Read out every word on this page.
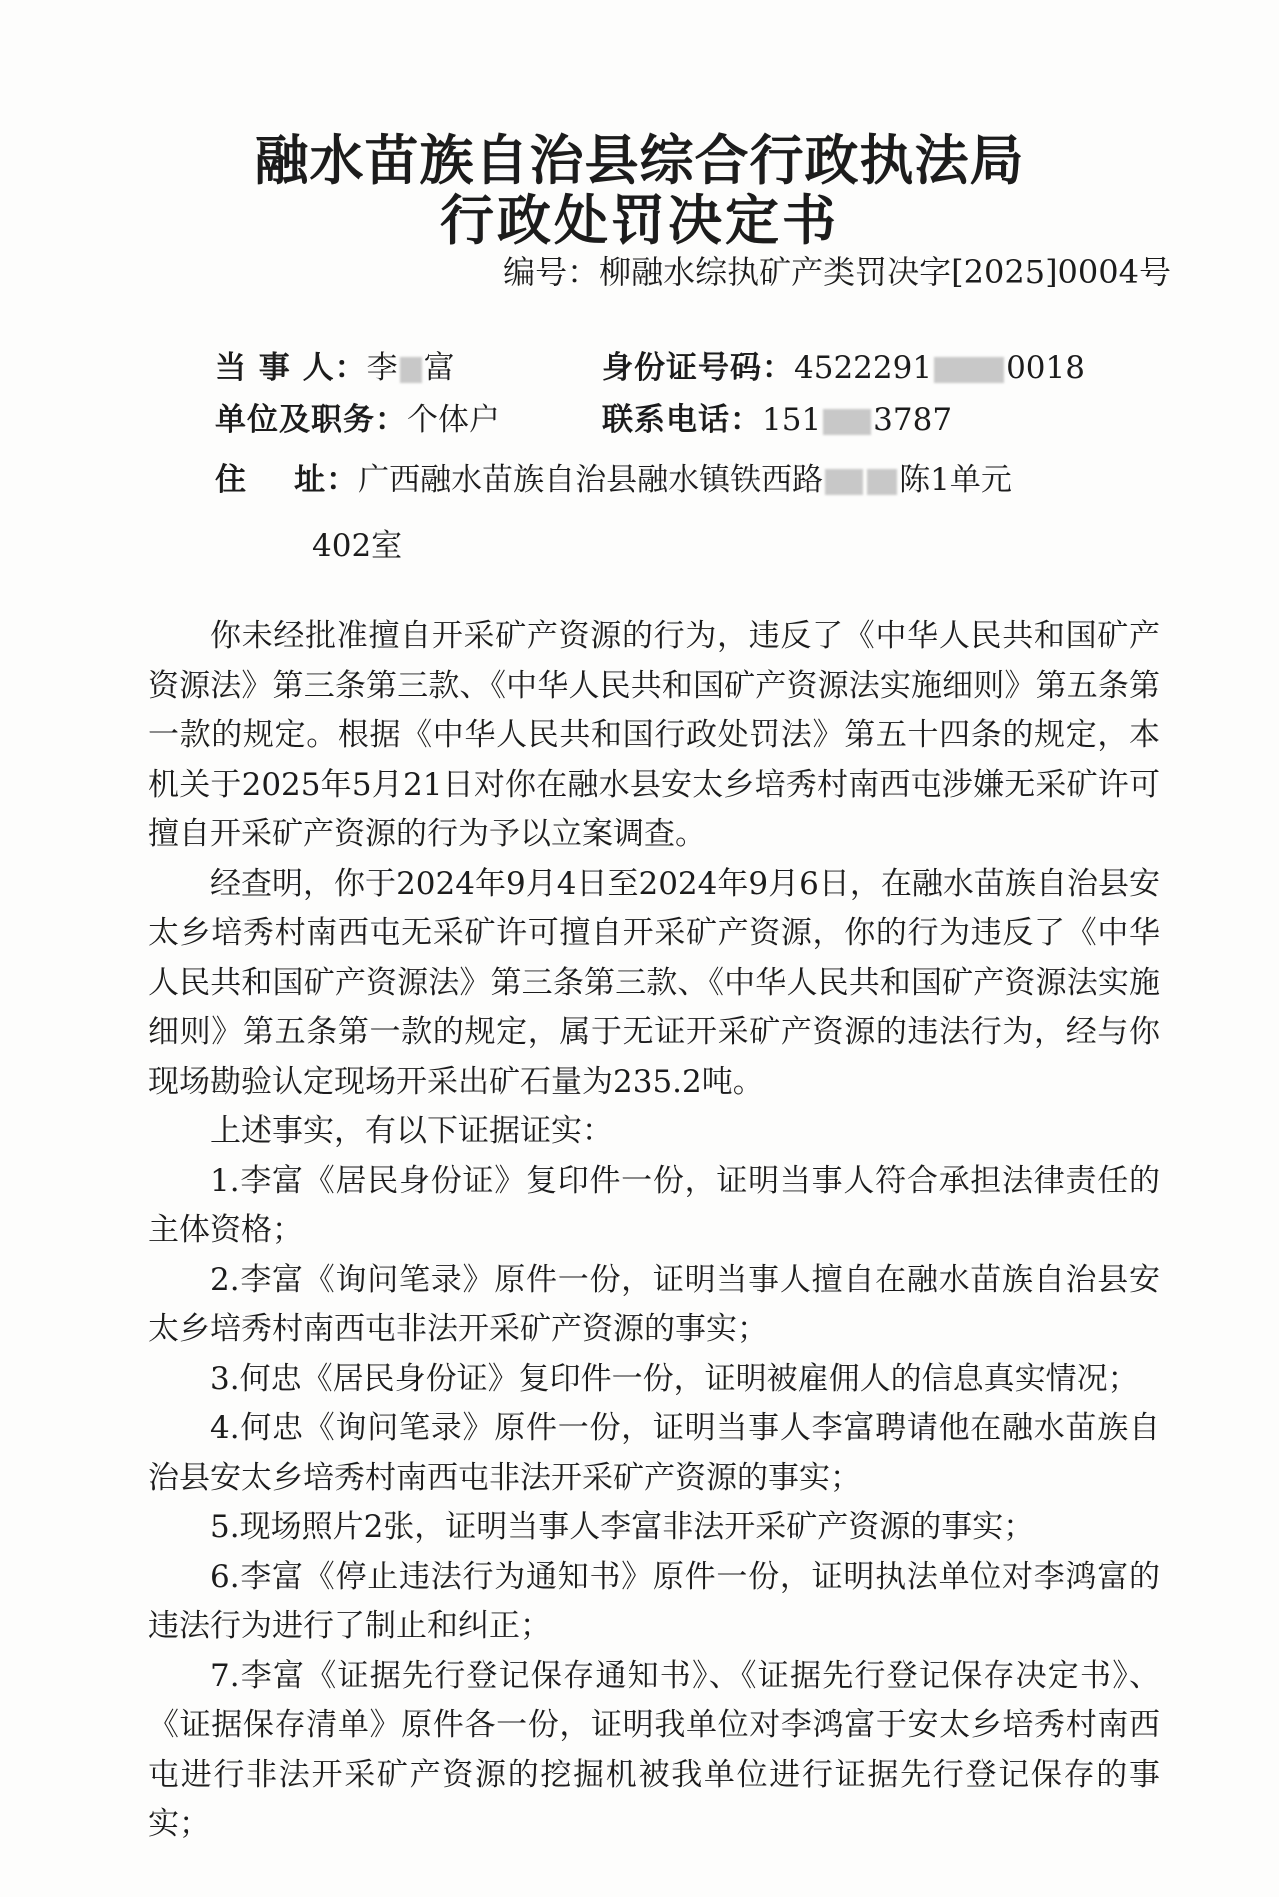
融水苗族自治县综合行政执法局
行政处罚决定书
编号：柳融水综执矿产类罚决字[2025]0004号
当 事 人：李 富	身份证号码：4522291 0018
单位及职务：个体户	联系电话：151 3787
住    址：广西融水苗族自治县融水镇铁西路 陈1单元
402室

你未经批准擅自开采矿产资源的行为，违反了《中华人民共和国矿产资源法》第三条第三款、《中华人民共和国矿产资源法实施细则》第五条第一款的规定。根据《中华人民共和国行政处罚法》第五十四条的规定，本机关于2025年5月21日对你在融水县安太乡培秀村南西屯涉嫌无采矿许可擅自开采矿产资源的行为予以立案调查。

经查明，你于2024年9月4日至2024年9月6日，在融水苗族自治县安太乡培秀村南西屯无采矿许可擅自开采矿产资源，你的行为违反了《中华人民共和国矿产资源法》第三条第三款、《中华人民共和国矿产资源法实施细则》第五条第一款的规定，属于无证开采矿产资源的违法行为，经与你现场勘验认定现场开采出矿石量为235.2吨。

上述事实，有以下证据证实：

1.李富《居民身份证》复印件一份，证明当事人符合承担法律责任的主体资格；

2.李富《询问笔录》原件一份，证明当事人擅自在融水苗族自治县安太乡培秀村南西屯非法开采矿产资源的事实；

3.何忠《居民身份证》复印件一份，证明被雇佣人的信息真实情况；

4.何忠《询问笔录》原件一份，证明当事人李富聘请他在融水苗族自治县安太乡培秀村南西屯非法开采矿产资源的事实；

5.现场照片2张，证明当事人李富非法开采矿产资源的事实；

6.李富《停止违法行为通知书》原件一份，证明执法单位对李鸿富的违法行为进行了制止和纠正；

7.李富《证据先行登记保存通知书》、《证据先行登记保存决定书》、《证据保存清单》原件各一份，证明我单位对李鸿富于安太乡培秀村南西屯进行非法开采矿产资源的挖掘机被我单位进行证据先行登记保存的事实；
